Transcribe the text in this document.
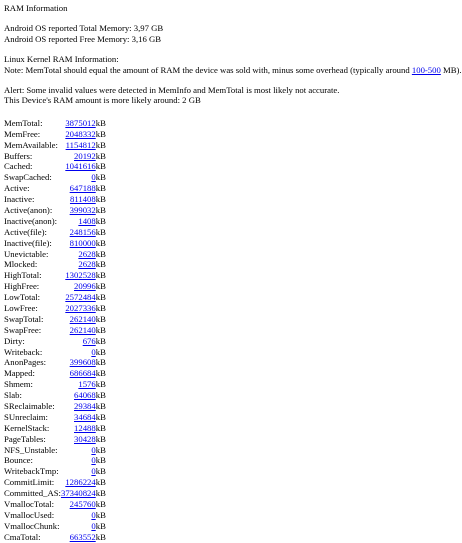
RAM Information
Android OS reported Total Memory: 3,97 GB
Android OS reported Free Memory: 3,16 GB
Linux Kernel RAM Information:
Note: MemTotal should equal the amount of RAM the device was sold with, minus some overhead (typically around 100-500 MB).
Alert: Some invalid values were detected in MemInfo and MemTotal is most likely not accurate.
This Device's RAM amount is more likely around: 2 GB
MemTotal:	3875012	kB
MemFree:	2048332	kB
MemAvailable:	1154812	kB
Buffers:	20192	kB
Cached:	1041616	kB
SwapCached:	0	kB
Active:	647188	kB
Inactive:	811408	kB
Active(anon):	399032	kB
Inactive(anon):	1408	kB
Active(file):	248156	kB
Inactive(file):	810000	kB
Unevictable:	2628	kB
Mlocked:	2628	kB
HighTotal:	1302528	kB
HighFree:	20996	kB
LowTotal:	2572484	kB
LowFree:	2027336	kB
SwapTotal:	262140	kB
SwapFree:	262140	kB
Dirty:	676	kB
Writeback:	0	kB
AnonPages:	399608	kB
Mapped:	686684	kB
Shmem:	1576	kB
Slab:	64068	kB
SReclaimable:	29384	kB
SUnreclaim:	34684	kB
KernelStack:	12488	kB
PageTables:	30428	kB
NFS_Unstable:	0	kB
Bounce:	0	kB
WritebackTmp:	0	kB
CommitLimit:	1286224	kB
Committed_AS:	37340824	kB
VmallocTotal:	245760	kB
VmallocUsed:	0	kB
VmallocChunk:	0	kB
CmaTotal:	663552	kB
